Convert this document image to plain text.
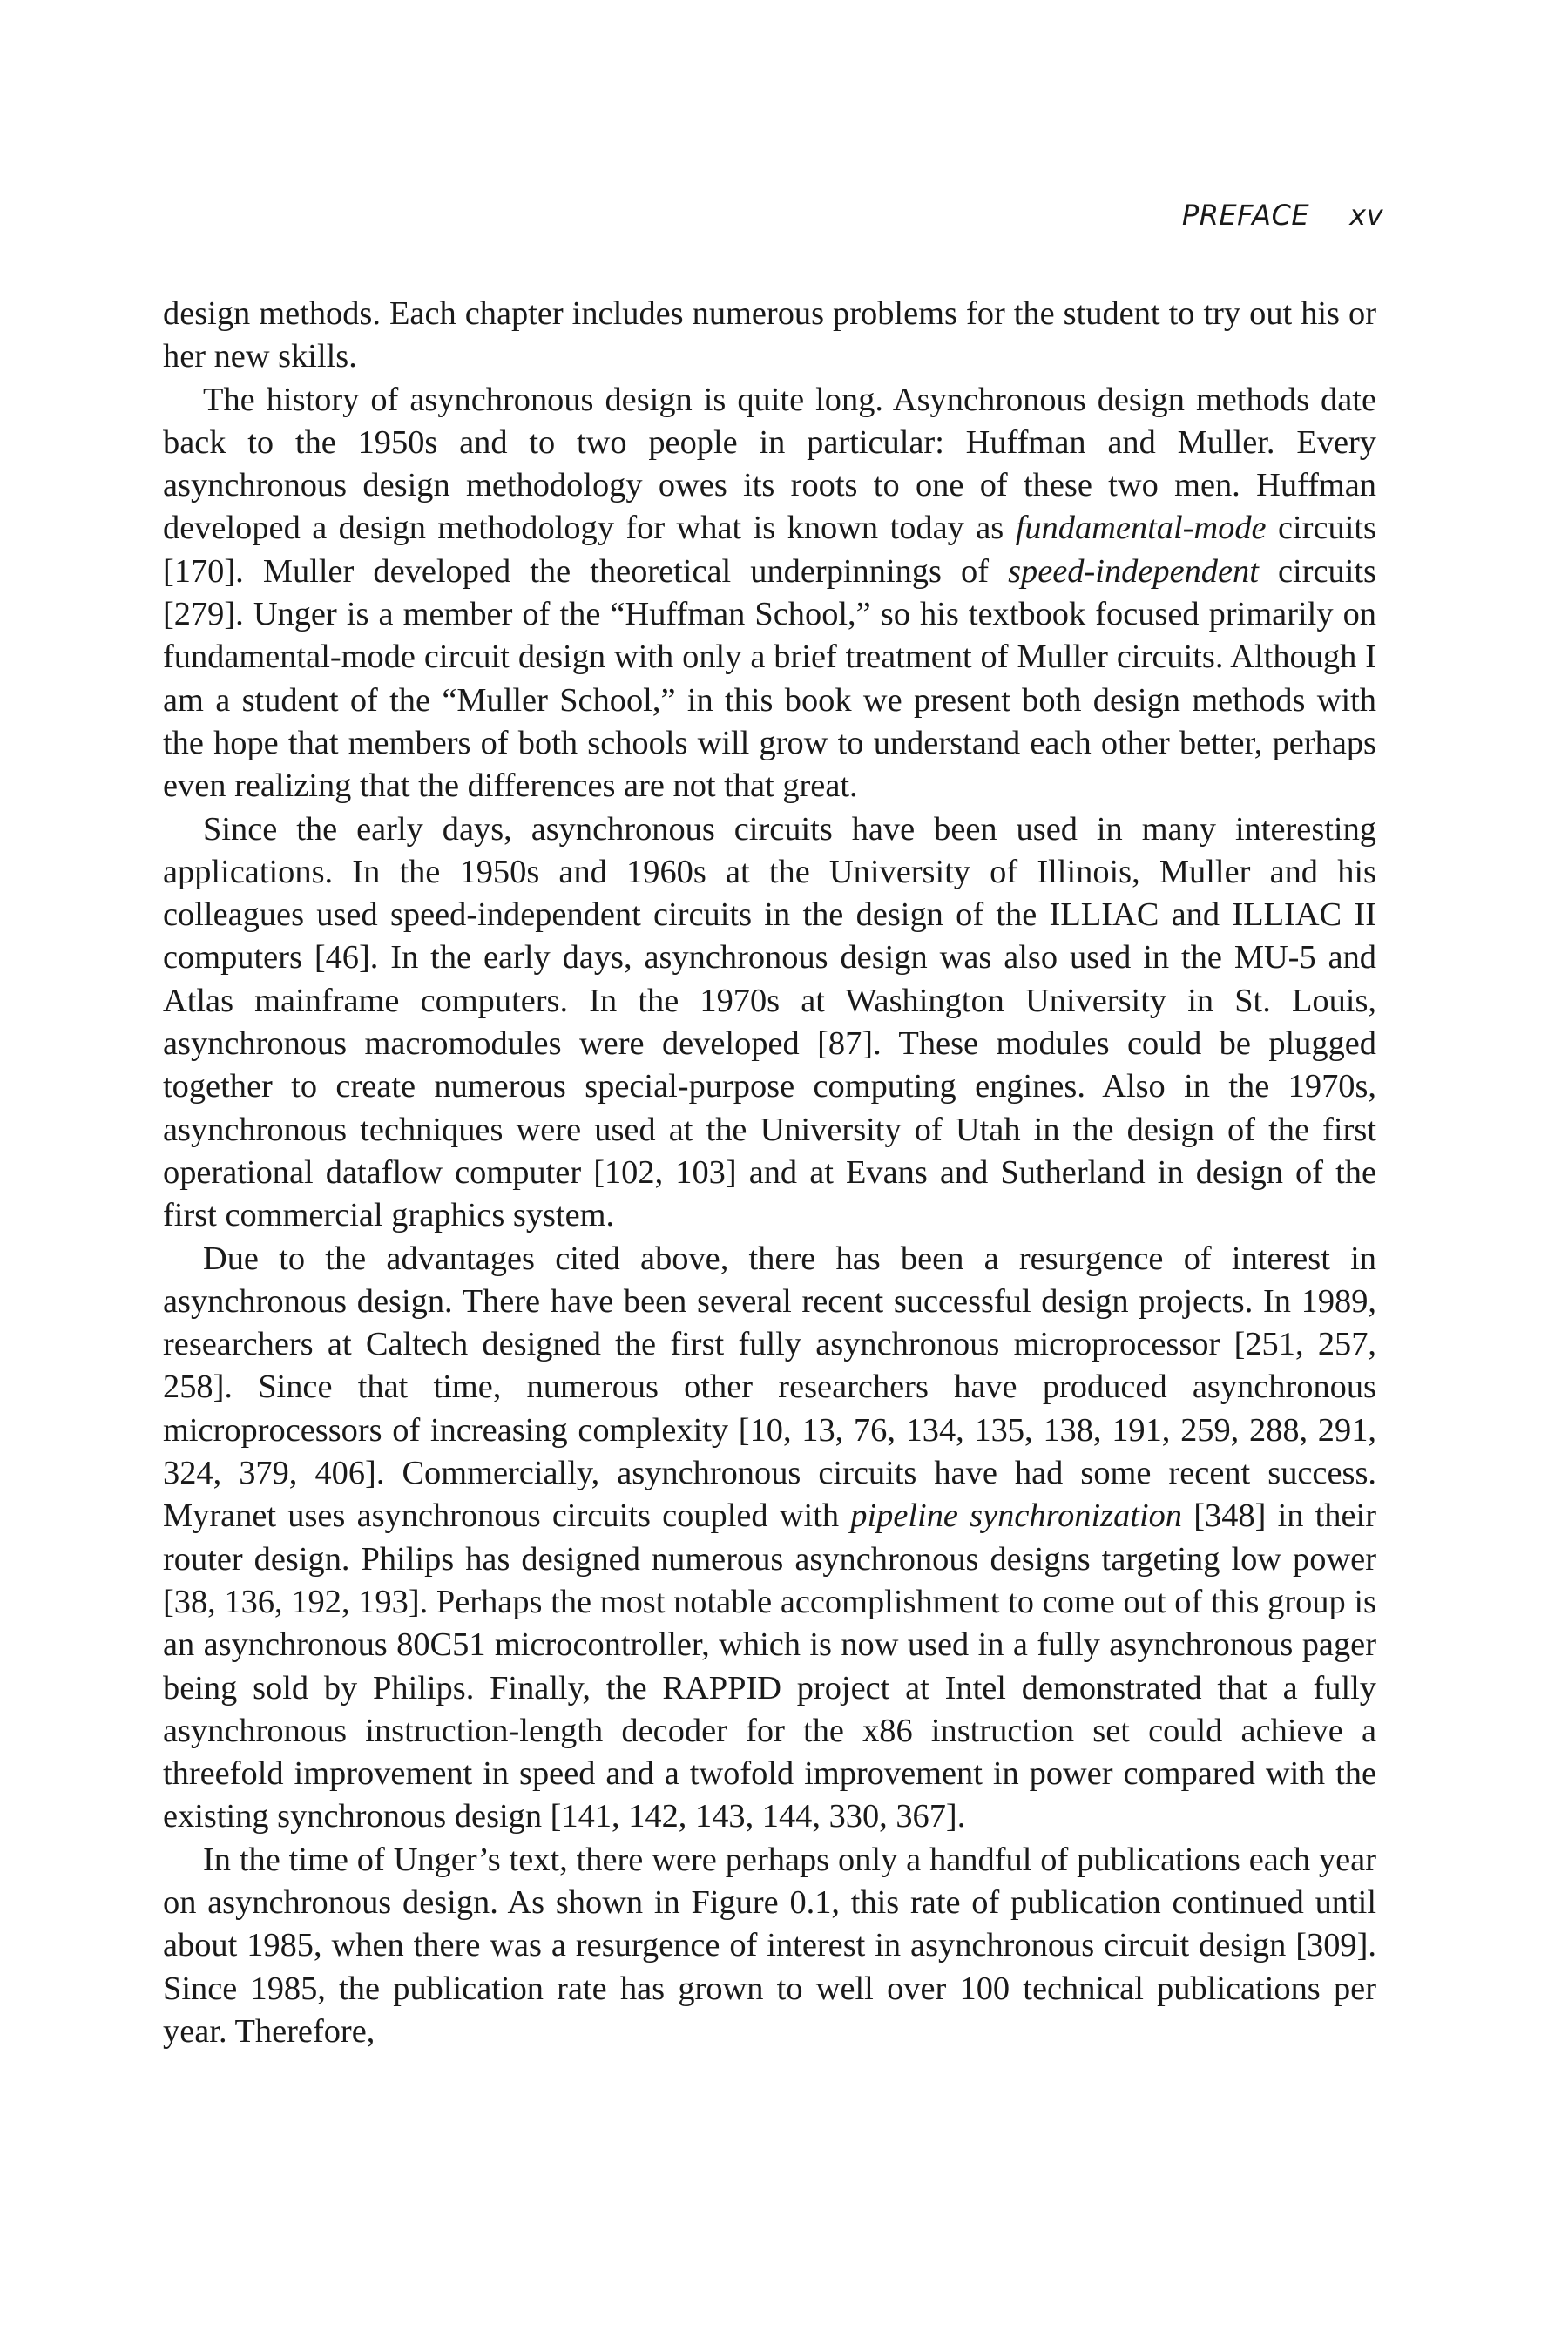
PREFACE xv

design methods. Each chapter includes numerous problems for the student to try out his or her new skills.

The history of asynchronous design is quite long. Asynchronous design methods date back to the 1950s and to two people in particular: Huffman and Muller. Every asynchronous design methodology owes its roots to one of these two men. Huffman developed a design methodology for what is known today as fundamental-mode circuits [170]. Muller developed the theoretical underpinnings of speed-independent circuits [279]. Unger is a member of the “Huffman School,” so his textbook focused primarily on fundamental-mode circuit design with only a brief treatment of Muller circuits. Although I am a student of the “Muller School,” in this book we present both design methods with the hope that members of both schools will grow to understand each other better, perhaps even realizing that the differences are not that great.

Since the early days, asynchronous circuits have been used in many interesting applications. In the 1950s and 1960s at the University of Illinois, Muller and his colleagues used speed-independent circuits in the design of the ILLIAC and ILLIAC II computers [46]. In the early days, asynchronous design was also used in the MU-5 and Atlas mainframe computers. In the 1970s at Washington University in St. Louis, asynchronous macromodules were developed [87]. These modules could be plugged together to create numerous special-purpose computing engines. Also in the 1970s, asynchronous techniques were used at the University of Utah in the design of the first operational dataflow computer [102, 103] and at Evans and Sutherland in design of the first commercial graphics system.

Due to the advantages cited above, there has been a resurgence of interest in asynchronous design. There have been several recent successful design projects. In 1989, researchers at Caltech designed the first fully asynchronous microprocessor [251, 257, 258]. Since that time, numerous other researchers have produced asynchronous microprocessors of increasing complexity [10, 13, 76, 134, 135, 138, 191, 259, 288, 291, 324, 379, 406]. Commercially, asynchronous circuits have had some recent success. Myranet uses asynchronous circuits coupled with pipeline synchronization [348] in their router design. Philips has designed numerous asynchronous designs targeting low power [38, 136, 192, 193]. Perhaps the most notable accomplishment to come out of this group is an asynchronous 80C51 microcontroller, which is now used in a fully asynchronous pager being sold by Philips. Finally, the RAPPID project at Intel demonstrated that a fully asynchronous instruction-length decoder for the x86 instruction set could achieve a threefold improvement in speed and a twofold improvement in power compared with the existing synchronous design [141, 142, 143, 144, 330, 367].

In the time of Unger’s text, there were perhaps only a handful of publications each year on asynchronous design. As shown in Figure 0.1, this rate of publication continued until about 1985, when there was a resurgence of interest in asynchronous circuit design [309]. Since 1985, the publication rate has grown to well over 100 technical publications per year. Therefore,
